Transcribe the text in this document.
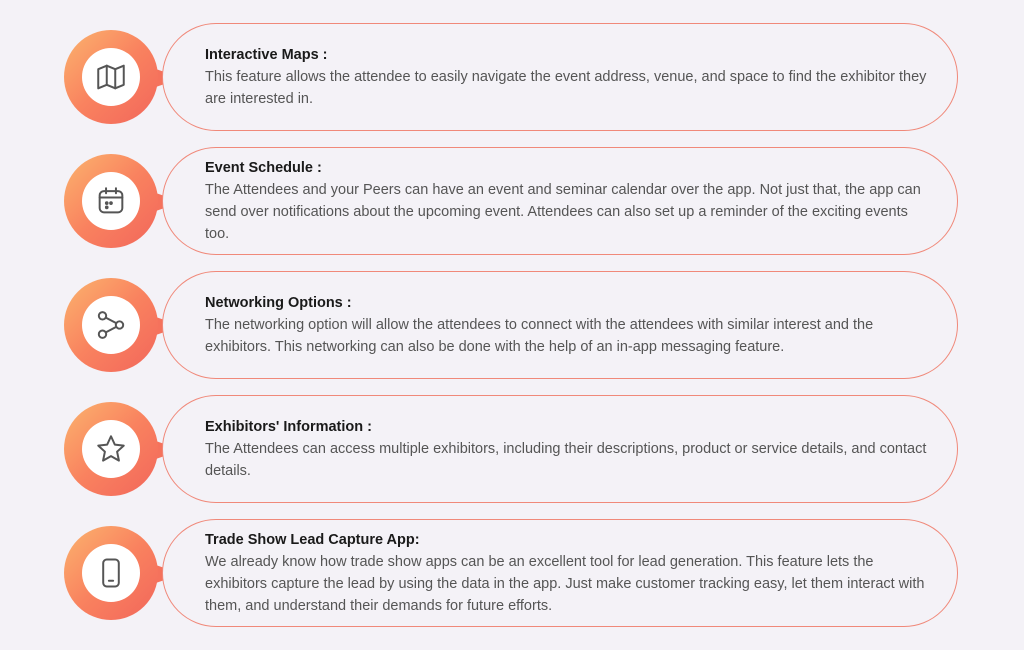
Interactive Maps :
This feature allows the attendee to easily navigate the event address, venue, and space to find the exhibitor they are interested in.
Event Schedule :
The Attendees and your Peers can have an event and seminar calendar over the app. Not just that, the app can send over notifications about the upcoming event. Attendees can also set up a reminder of the exciting events too.
Networking Options :
The networking option will allow the attendees to connect with the attendees with similar interest and the exhibitors. This networking can also be done with the help of an in-app messaging feature.
Exhibitors' Information :
The Attendees can access multiple exhibitors, including their descriptions, product or service details, and contact details.
Trade Show Lead Capture App:
We already know how trade show apps can be an excellent tool for lead generation. This feature lets the exhibitors capture the lead by using the data in the app. Just make customer tracking easy, let them interact with them, and understand their demands for future efforts.
